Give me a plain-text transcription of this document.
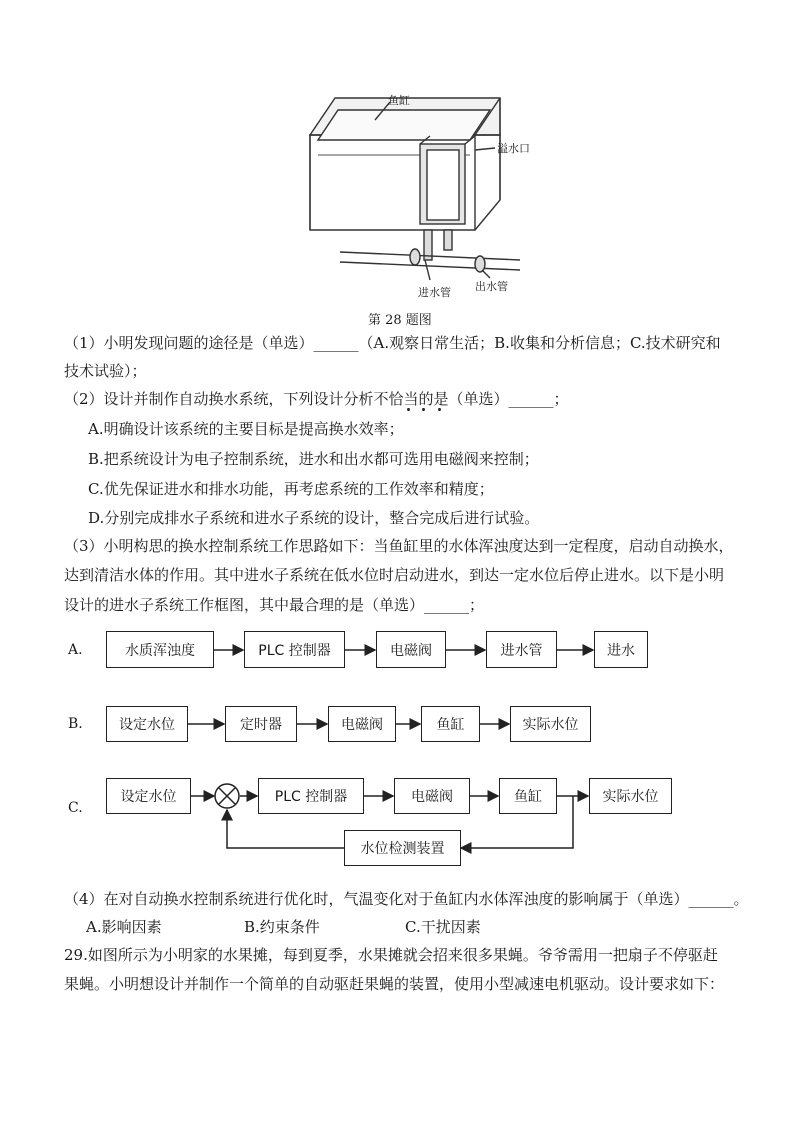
鱼缸
溢水口
进水管 出水管
第 28 题图
（1）小明发现问题的途径是（单选）______（A.观察日常生活；B.收集和分析信息；C.技术研究和
技术试验）；
（2）设计并制作自动换水系统，下列设计分析不恰当的是（单选）______；
A.明确设计该系统的主要目标是提高换水效率；
B.把系统设计为电子控制系统，进水和出水都可选用电磁阀来控制；
C.优先保证进水和排水功能，再考虑系统的工作效率和精度；
D.分别完成排水子系统和进水子系统的设计，整合完成后进行试验。
（3）小明构思的换水控制系统工作思路如下：当鱼缸里的水体浑浊度达到一定程度，启动自动换水，
达到清洁水体的作用。其中进水子系统在低水位时启动进水，到达一定水位后停止进水。以下是小明
设计的进水子系统工作框图，其中最合理的是（单选）______；
A.	水质浑浊度	PLC 控制器	电磁阀	进水管	进水
B.	设定水位	定时器	电磁阀	鱼缸	实际水位
C.
设定水位	PLC 控制器	电磁阀	鱼缸	实际水位
水位检测装置
（4）在对自动换水控制系统进行优化时，气温变化对于鱼缸内水体浑浊度的影响属于（单选）______。
A.影响因素	B.约束条件	C.干扰因素
29.如图所示为小明家的水果摊，每到夏季，水果摊就会招来很多果蝇。爷爷需用一把扇子不停驱赶
果蝇。小明想设计并制作一个简单的自动驱赶果蝇的装置，使用小型减速电机驱动。设计要求如下：
